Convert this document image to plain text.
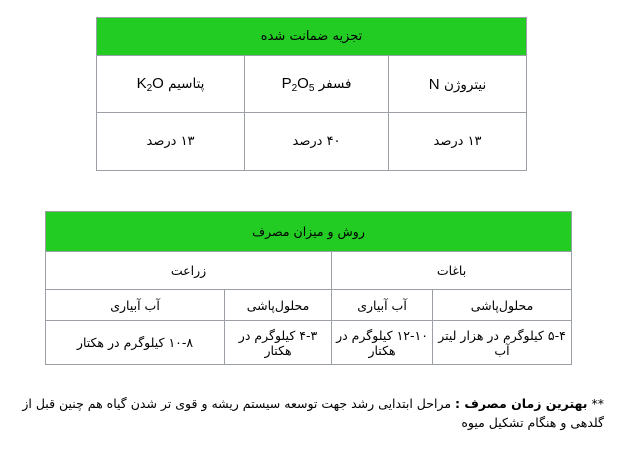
تجزیه ضمانت شده		
نیتروژن N	فسفر $P_2O_5$	پتاسیم $K_2O$
۱۳ درصد	۴۰ درصد	۱۳ درصد
روش و میزان مصرف			
باغات		زراعت	
محلول‌پاشی	آب آبیاری	محلول‌پاشی	آب آبیاری
۵-۴ کیلوگرم در هزار لیتر آب	۱۲-۱۰ کیلوگرم در هکتار	۴-۳ کیلوگرم در هکتار	۱۰-۸ کیلوگرم در هکتار
** بهترین زمان مصرف : مراحل ابتدایی رشد جهت توسعه سیستم ریشه و قوی تر شدن گیاه هم چنین قبل از گلدهی و هنگام تشکیل میوه
